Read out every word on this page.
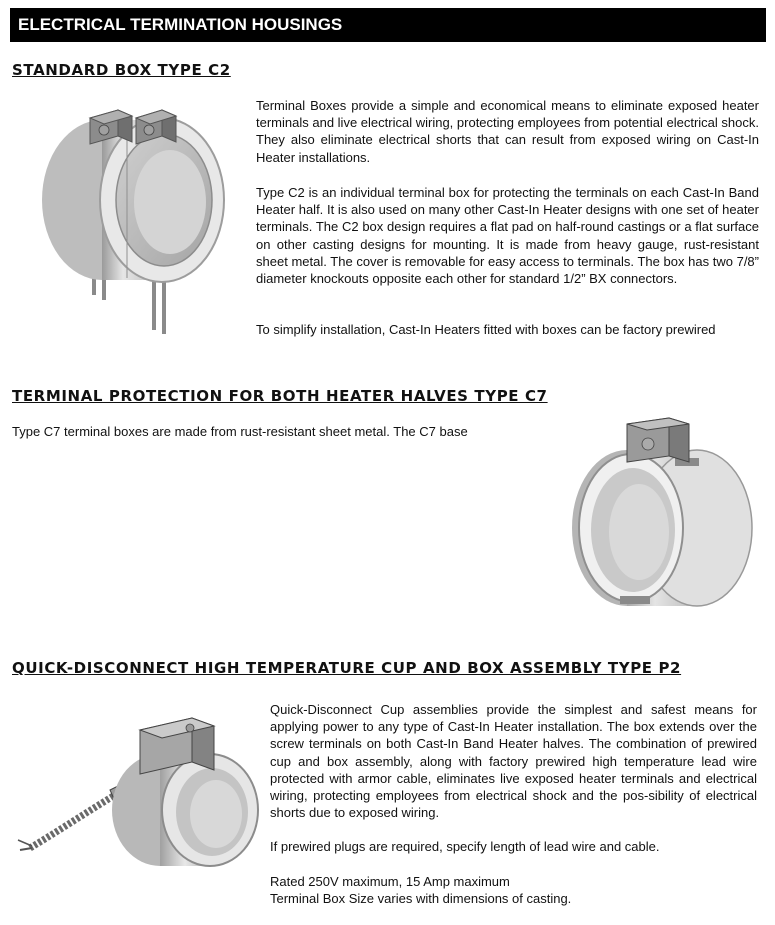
ELECTRICAL TERMINATION HOUSINGS
STANDARD BOX TYPE C2
Terminal Boxes provide a simple and economical means to eliminate exposed heater terminals and live electrical wiring, protecting employees from potential electrical shock. They also eliminate electrical shorts that can result from exposed wiring on Cast-In Heater installations.
Type C2 is an individual terminal box for protecting the terminals on each Cast-In Band Heater half. It is also used on many other Cast-In Heater designs with one set of heater terminals. The C2 box design requires a flat pad on half-round castings or a flat surface on other casting designs for mounting. It is made from heavy gauge, rust-resistant sheet metal. The cover is removable for easy access to terminals. The box has two 7/8” diameter knockouts opposite each other for standard 1/2” BX connectors.
To simplify installation, Cast-In Heaters fitted with boxes can be factory prewired
TERMINAL PROTECTION FOR BOTH HEATER HALVES TYPE C7
Type C7 terminal boxes are made from rust-resistant sheet metal. The C7 base
QUICK-DISCONNECT HIGH TEMPERATURE CUP AND BOX ASSEMBLY TYPE P2
Quick-Disconnect Cup assemblies provide the simplest and safest means for applying power to any type of Cast-In Heater installation. The box extends over the screw terminals on both Cast-In Band Heater halves. The combination of prewired cup and box assembly, along with factory prewired high temperature lead wire protected with armor cable, eliminates live exposed heater terminals and electrical wiring, protecting employees from electrical shock and the pos-sibility of electrical shorts due to exposed wiring.
If prewired plugs are required, specify length of lead wire and cable.
Rated 250V maximum, 15 Amp maximum
Terminal Box Size varies with dimensions of casting.
